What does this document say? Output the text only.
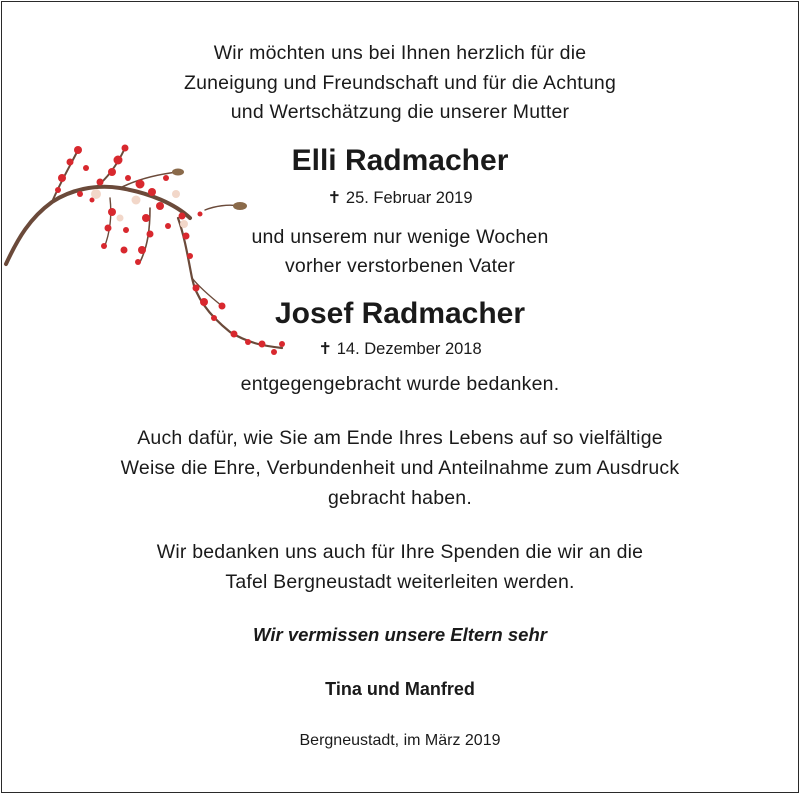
Wir möchten uns bei Ihnen herzlich für die
Zuneigung und Freundschaft und für die Achtung
und Wertschätzung die unserer Mutter
Elli Radmacher
✝ 25. Februar 2019
und unserem nur wenige Wochen
vorher verstorbenen Vater
Josef Radmacher
✝ 14. Dezember 2018
entgegengebracht wurde bedanken.
Auch dafür, wie Sie am Ende Ihres Lebens auf so vielfältige
Weise die Ehre, Verbundenheit und Anteilnahme zum Ausdruck
gebracht haben.
Wir bedanken uns auch für Ihre Spenden die wir an die
Tafel Bergneustadt weiterleiten werden.
Wir vermissen unsere Eltern sehr
Tina und Manfred
Bergneustadt, im März 2019
